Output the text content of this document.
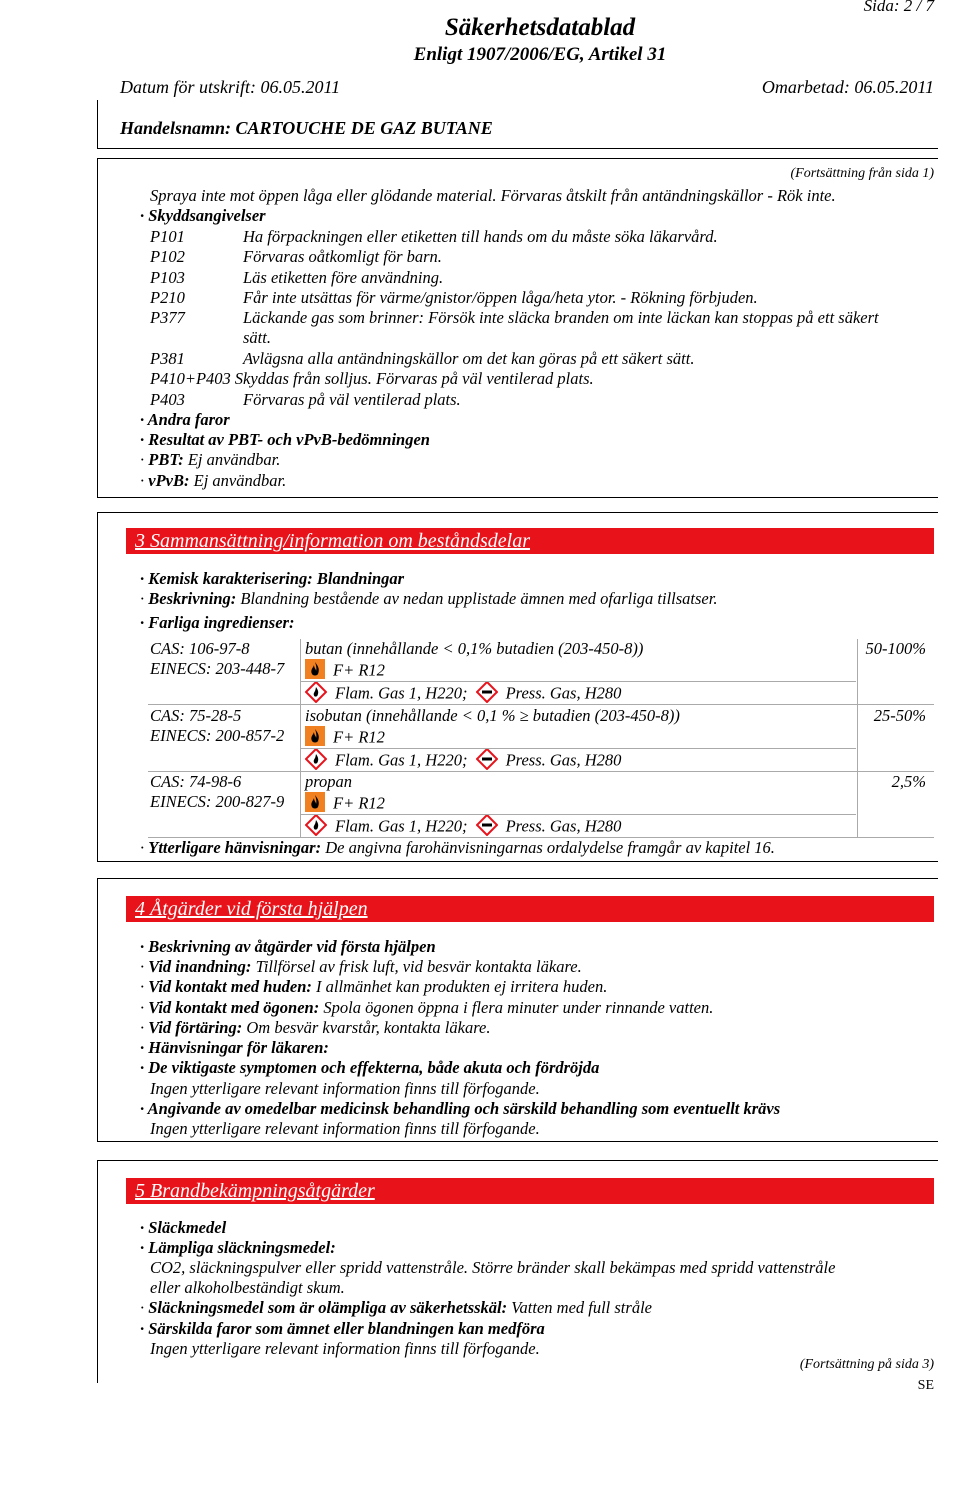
Sida: 2 / 7
Säkerhetsdatablad
Enligt 1907/2006/EG, Artikel 31
Datum för utskrift: 06.05.2011	Omarbetad: 06.05.2011
Handelsnamn: CARTOUCHE DE GAZ BUTANE
(Fortsättning från sida 1)
Spraya inte mot öppen låga eller glödande material. Förvaras åtskilt från antändningskällor - Rök inte.
· Skyddsangivelser
P101	Ha förpackningen eller etiketten till hands om du måste söka läkarvård.
P102	Förvaras oåtkomligt för barn.
P103	Läs etiketten före användning.
P210	Får inte utsättas för värme/gnistor/öppen låga/heta ytor. - Rökning förbjuden.
P377	Läckande gas som brinner: Försök inte släcka branden om inte läckan kan stoppas på ett säkert
sätt.
P381	Avlägsna alla antändningskällor om det kan göras på ett säkert sätt.
P410+P403 Skyddas från solljus. Förvaras på väl ventilerad plats.
P403	Förvaras på väl ventilerad plats.
· Andra faror
· Resultat av PBT- och vPvB-bedömningen
· PBT: Ej användbar.
· vPvB: Ej användbar.
3 Sammansättning/information om beståndsdelar
· Kemisk karakterisering: Blandningar
· Beskrivning: Blandning bestående av nedan upplistade ämnen med ofarliga tillsatser.
· Farliga ingredienser:
CAS: 106-97-8
EINECS: 203-448-7
butan (innehållande < 0,1% butadien (203-450-8))	50-100%
F+ R12
Flam. Gas 1, H220; Press. Gas, H280
CAS: 75-28-5
EINECS: 200-857-2
isobutan (innehållande < 0,1 % ≥ butadien (203-450-8))	25-50%
F+ R12
Flam. Gas 1, H220; Press. Gas, H280
CAS: 74-98-6
EINECS: 200-827-9
propan	2,5%
F+ R12
Flam. Gas 1, H220; Press. Gas, H280
· Ytterligare hänvisningar: De angivna farohänvisningarnas ordalydelse framgår av kapitel 16.
4 Åtgärder vid första hjälpen
· Beskrivning av åtgärder vid första hjälpen
· Vid inandning: Tillförsel av frisk luft, vid besvär kontakta läkare.
· Vid kontakt med huden: I allmänhet kan produkten ej irritera huden.
· Vid kontakt med ögonen: Spola ögonen öppna i flera minuter under rinnande vatten.
· Vid förtäring: Om besvär kvarstår, kontakta läkare.
· Hänvisningar för läkaren:
· De viktigaste symptomen och effekterna, både akuta och fördröjda
Ingen ytterligare relevant information finns till förfogande.
· Angivande av omedelbar medicinsk behandling och särskild behandling som eventuellt krävs
Ingen ytterligare relevant information finns till förfogande.
5 Brandbekämpningsåtgärder
· Släckmedel
· Lämpliga släckningsmedel:
CO2, släckningspulver eller spridd vattenstråle. Större bränder skall bekämpas med spridd vattenstråle
eller alkoholbeständigt skum.
· Släckningsmedel som är olämpliga av säkerhetsskäl: Vatten med full stråle
· Särskilda faror som ämnet eller blandningen kan medföra
Ingen ytterligare relevant information finns till förfogande.
(Fortsättning på sida 3)
SE
